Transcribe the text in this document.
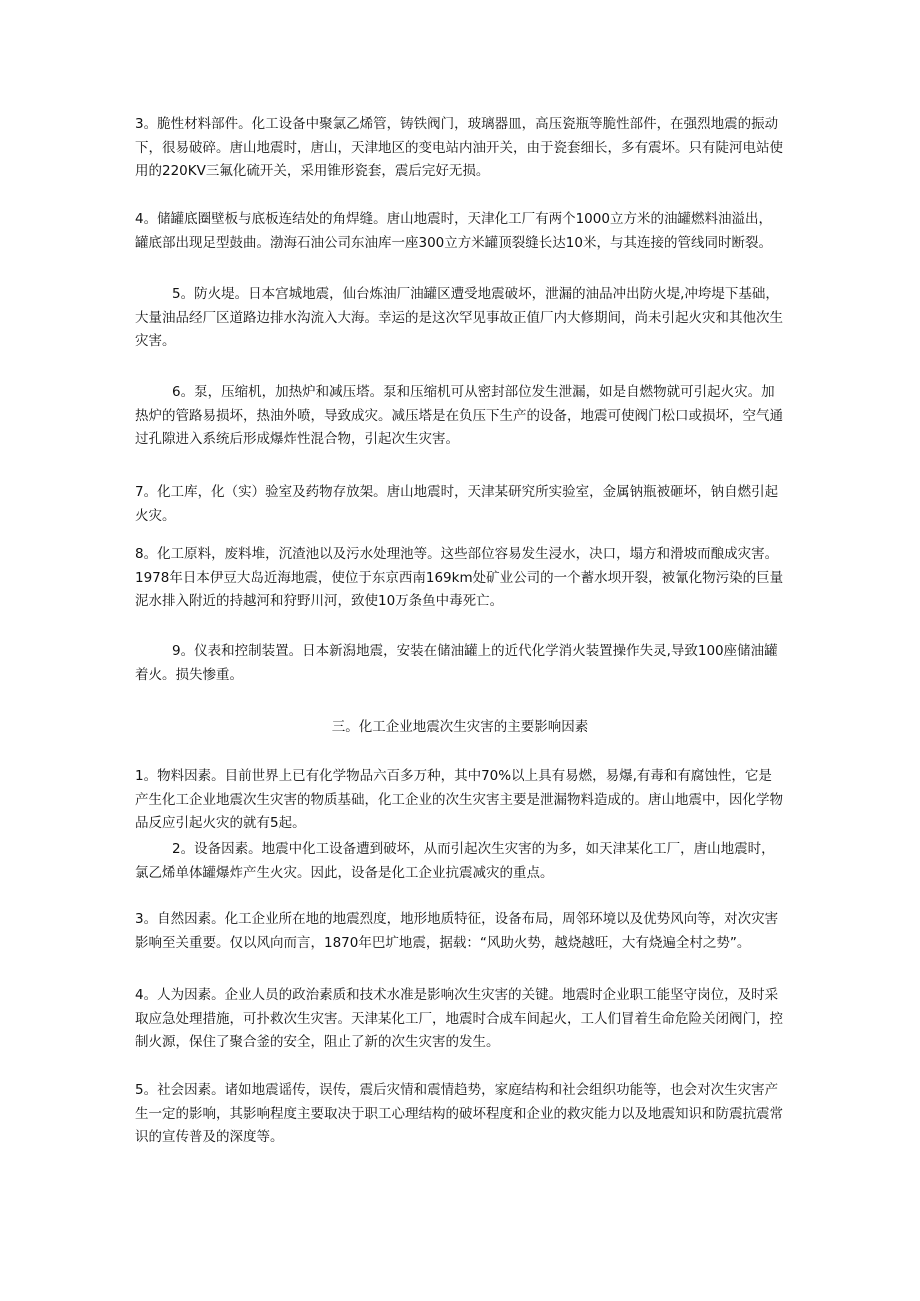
3。脆性材料部件。化工设备中聚氯乙烯管，铸铁阀门，玻璃器皿，高压瓷瓶等脆性部件，在强烈地震的振动下，很易破碎。唐山地震时，唐山，天津地区的变电站内油开关，由于瓷套细长，多有震坏。只有陡河电站使用的220KV三氟化硫开关，采用锥形瓷套，震后完好无损。

4。储罐底圈壁板与底板连结处的角焊缝。唐山地震时，天津化工厂有两个1000立方米的油罐燃料油溢出，罐底部出现足型鼓曲。渤海石油公司东油库一座300立方米罐顶裂缝长达10米，与其连接的管线同时断裂。

5。防火堤。日本宫城地震，仙台炼油厂油罐区遭受地震破坏，泄漏的油品冲出防火堤,冲垮堤下基础，大量油品经厂区道路边排水沟流入大海。幸运的是这次罕见事故正值厂内大修期间，尚未引起火灾和其他次生灾害。

6。泵，压缩机，加热炉和减压塔。泵和压缩机可从密封部位发生泄漏，如是自燃物就可引起火灾。加热炉的管路易损坏，热油外喷，导致成灾。减压塔是在负压下生产的设备，地震可使阀门松口或损坏，空气通过孔隙进入系统后形成爆炸性混合物，引起次生灾害。

7。化工库，化（实）验室及药物存放架。唐山地震时，天津某研究所实验室，金属钠瓶被砸坏，钠自燃引起火灾。

8。化工原料，废料堆，沉渣池以及污水处理池等。这些部位容易发生浸水，决口，塌方和滑坡而酿成灾害。1978年日本伊豆大岛近海地震，使位于东京西南169km处矿业公司的一个蓄水坝开裂，被氰化物污染的巨量泥水排入附近的持越河和狩野川河，致使10万条鱼中毒死亡。

9。仪表和控制装置。日本新潟地震，安装在储油罐上的近代化学消火装置操作失灵,导致100座储油罐着火。损失惨重。

三。化工企业地震次生灾害的主要影响因素

1。物料因素。目前世界上已有化学物品六百多万种，其中70%以上具有易燃，易爆,有毒和有腐蚀性，它是产生化工企业地震次生灾害的物质基础，化工企业的次生灾害主要是泄漏物料造成的。唐山地震中，因化学物品反应引起火灾的就有5起。

2。设备因素。地震中化工设备遭到破坏，从而引起次生灾害的为多，如天津某化工厂，唐山地震时，氯乙烯单体罐爆炸产生火灾。因此，设备是化工企业抗震减灾的重点。

3。自然因素。化工企业所在地的地震烈度，地形地质特征，设备布局，周邻环境以及优势风向等，对次灾害影响至关重要。仅以风向而言，1870年巴圹地震，据载：“风助火势，越烧越旺，大有烧遍全村之势”。

4。人为因素。企业人员的政治素质和技术水准是影响次生灾害的关键。地震时企业职工能坚守岗位，及时采取应急处理措施，可扑救次生灾害。天津某化工厂，地震时合成车间起火，工人们冒着生命危险关闭阀门，控制火源，保住了聚合釜的安全，阻止了新的次生灾害的发生。

5。社会因素。诸如地震谣传，误传，震后灾情和震情趋势，家庭结构和社会组织功能等，也会对次生灾害产生一定的影响，其影响程度主要取决于职工心理结构的破坏程度和企业的救灾能力以及地震知识和防震抗震常识的宣传普及的深度等。
